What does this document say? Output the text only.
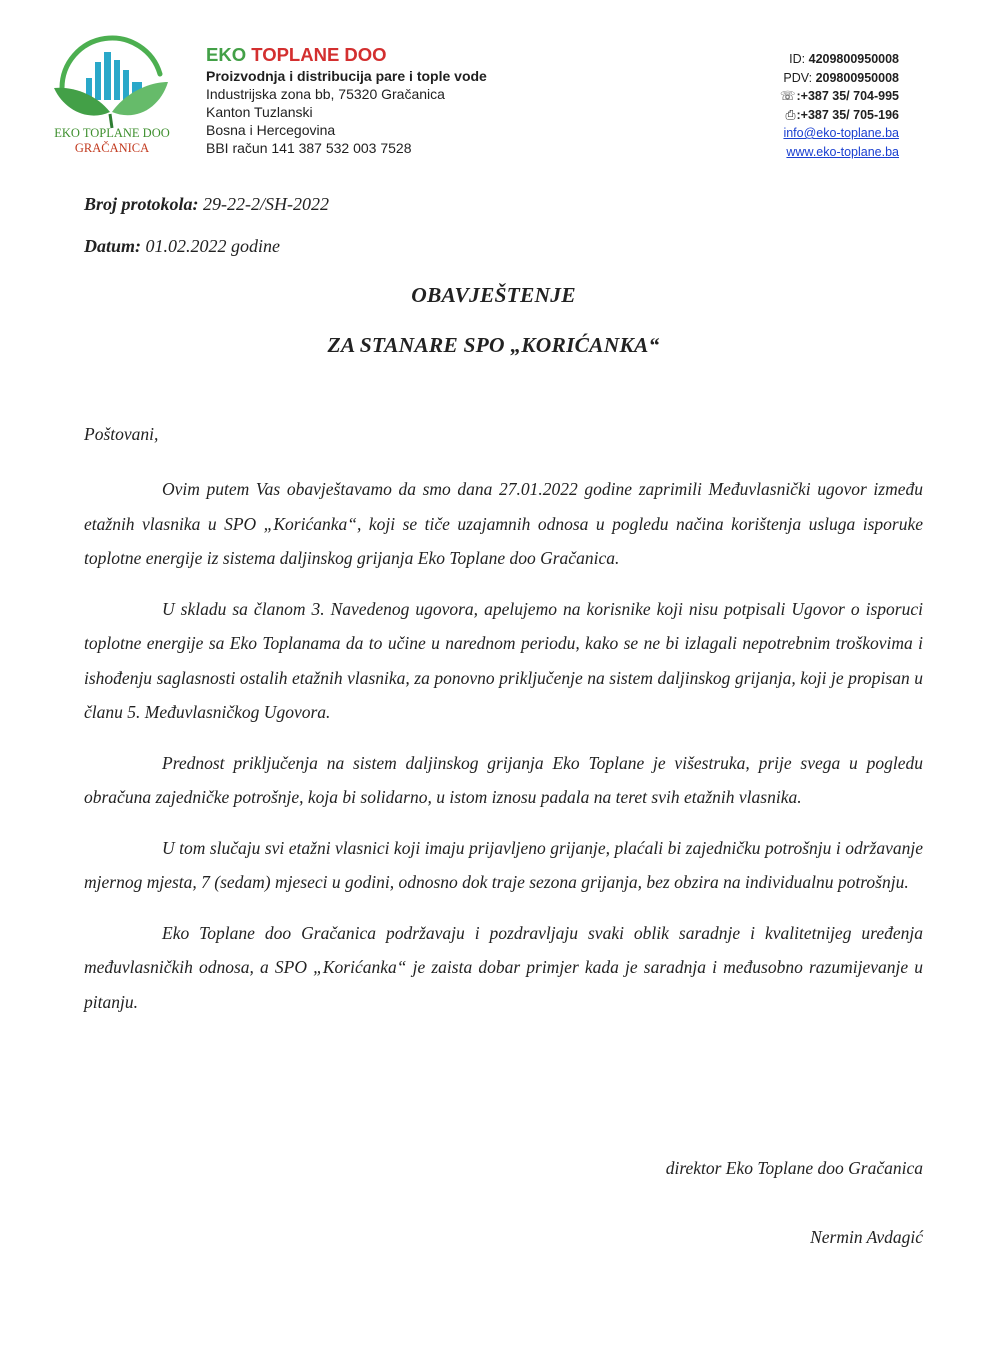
EKO TOPLANE DOO
GRAČANICA
EKO TOPLANE DOO
Proizvodnja i distribucija pare i tople vode
Industrijska zona bb, 75320 Gračanica
Kanton Tuzlanski
Bosna i Hercegovina
BBI račun 141 387 532 003 7528
ID: 4209800950008
PDV: 209800950008
☏:+387 35/ 704-995
⎙:+387 35/ 705-196
info@eko-toplane.ba
www.eko-toplane.ba
Broj protokola: 29-22-2/SH-2022
Datum: 01.02.2022 godine
OBAVJEŠTENJE
ZA STANARE SPO „KORIĆANKA“
Poštovani,

Ovim putem Vas obavještavamo da smo dana 27.01.2022 godine zaprimili Međuvlasnički ugovor između etažnih vlasnika u SPO „Korićanka“, koji se tiče uzajamnih odnosa u pogledu načina korištenja usluga isporuke toplotne energije iz sistema daljinskog grijanja Eko Toplane doo Gračanica.

U skladu sa članom 3. Navedenog ugovora, apelujemo na korisnike koji nisu potpisali Ugovor o isporuci toplotne energije sa Eko Toplanama da to učine u narednom periodu, kako se ne bi izlagali nepotrebnim troškovima i ishođenju saglasnosti ostalih etažnih vlasnika, za ponovno priključenje na sistem daljinskog grijanja, koji je propisan u članu 5. Međuvlasničkog Ugovora.

Prednost priključenja na sistem daljinskog grijanja Eko Toplane je višestruka, prije svega u pogledu obračuna zajedničke potrošnje, koja bi solidarno, u istom iznosu padala na teret svih etažnih vlasnika.

U tom slučaju svi etažni vlasnici koji imaju prijavljeno grijanje, plaćali bi zajedničku potrošnju i održavanje mjernog mjesta, 7 (sedam) mjeseci u godini, odnosno dok traje sezona grijanja, bez obzira na individualnu potrošnju.

Eko Toplane doo Gračanica podržavaju i pozdravljaju svaki oblik saradnje i kvalitetnijeg uređenja međuvlasničkih odnosa, a SPO „Korićanka“ je zaista dobar primjer kada je saradnja i međusobno razumijevanje u pitanju.

direktor Eko Toplane doo Gračanica
Nermin Avdagić
